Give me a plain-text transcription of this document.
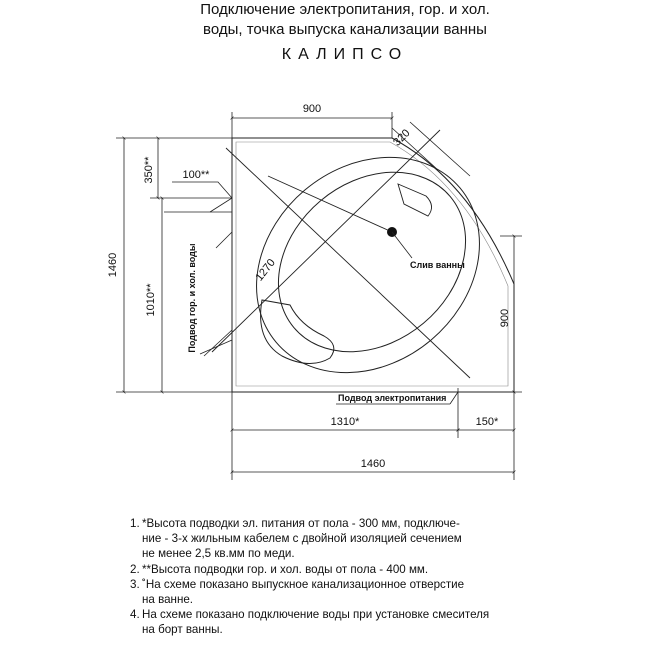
Подключение электропитания, гор. и хол.
воды, точка выпуска канализации ванны
КАЛИПСО
900
320
1460
350**	100**
1010**
1270
900
1310*	150*
1460
Слив ванны
Подвод гор. и хол. воды
Подвод электропитания
1. *Высота подводки эл. питания от пола - 300 мм, подключе-
ние - 3-х жильным кабелем с двойной изоляцией сечением
не менее 2,5 кв.мм по меди.
2. **Высота подводки гор. и хол. воды от пола - 400 мм.
3. ˚На схеме показано выпускное канализационное отверстие
на ванне.
4. На схеме показано подключение воды при установке смесителя
на борт ванны.
